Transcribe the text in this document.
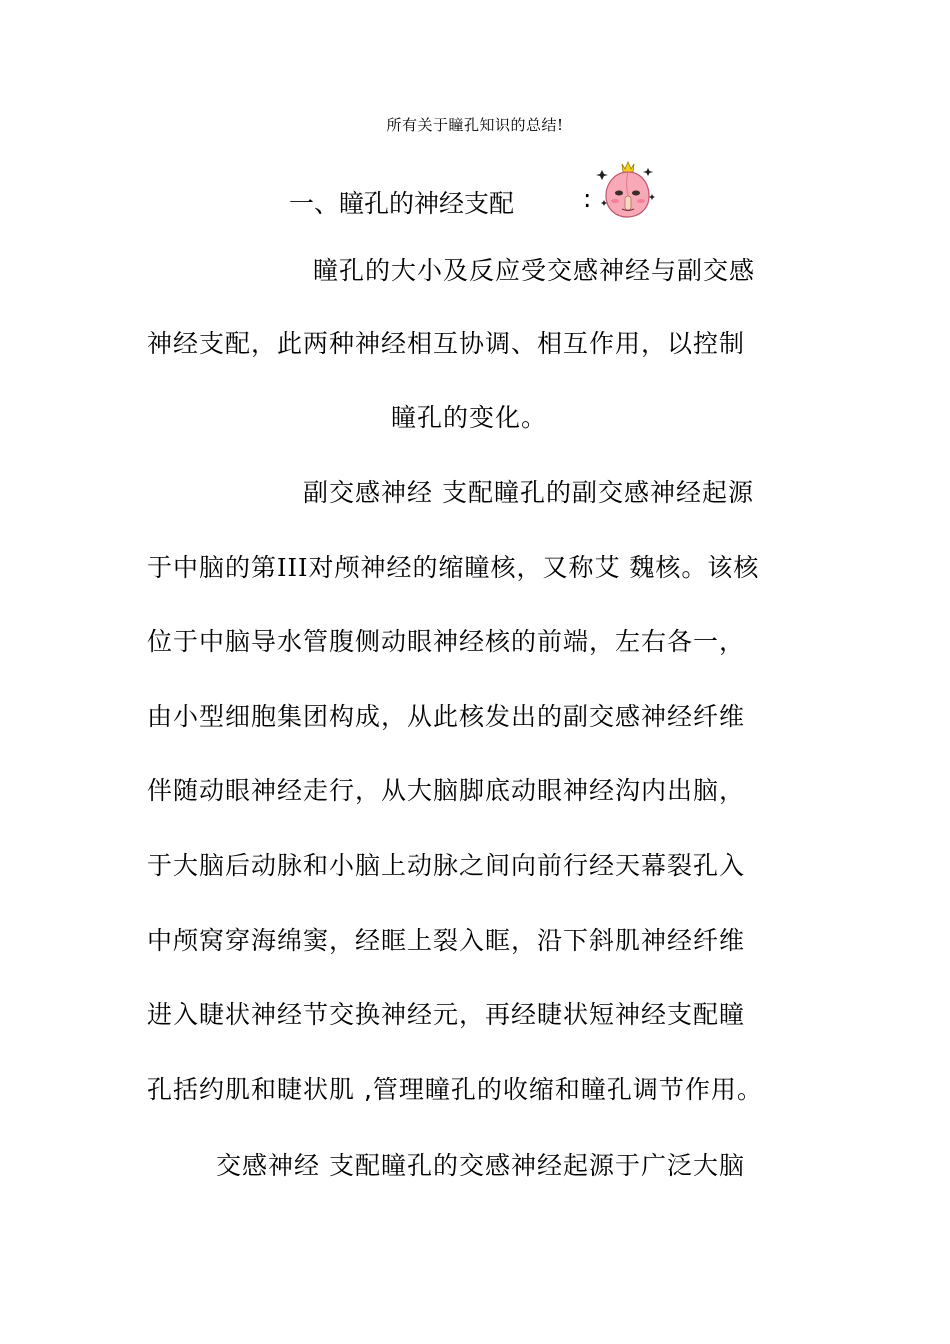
所有关于瞳孔知识的总结!
一、瞳孔的神经支配	:
瞳孔的大小及反应受交感神经与副交感
神经支配，此两种神经相互协调、相互作用，以控制
瞳孔的变化。
副交感神经 支配瞳孔的副交感神经起源
于中脑的第III对颅神经的缩瞳核，又称艾 魏核。该核
位于中脑导水管腹侧动眼神经核的前端，左右各一，
由小型细胞集团构成，从此核发出的副交感神经纤维
伴随动眼神经走行，从大脑脚底动眼神经沟内出脑，
于大脑后动脉和小脑上动脉之间向前行经天幕裂孔入
中颅窝穿海绵窦，经眶上裂入眶，沿下斜肌神经纤维
进入睫状神经节交换神经元，再经睫状短神经支配瞳
孔括约肌和睫状肌 ,管理瞳孔的收缩和瞳孔调节作用。
交感神经 支配瞳孔的交感神经起源于广泛大脑
